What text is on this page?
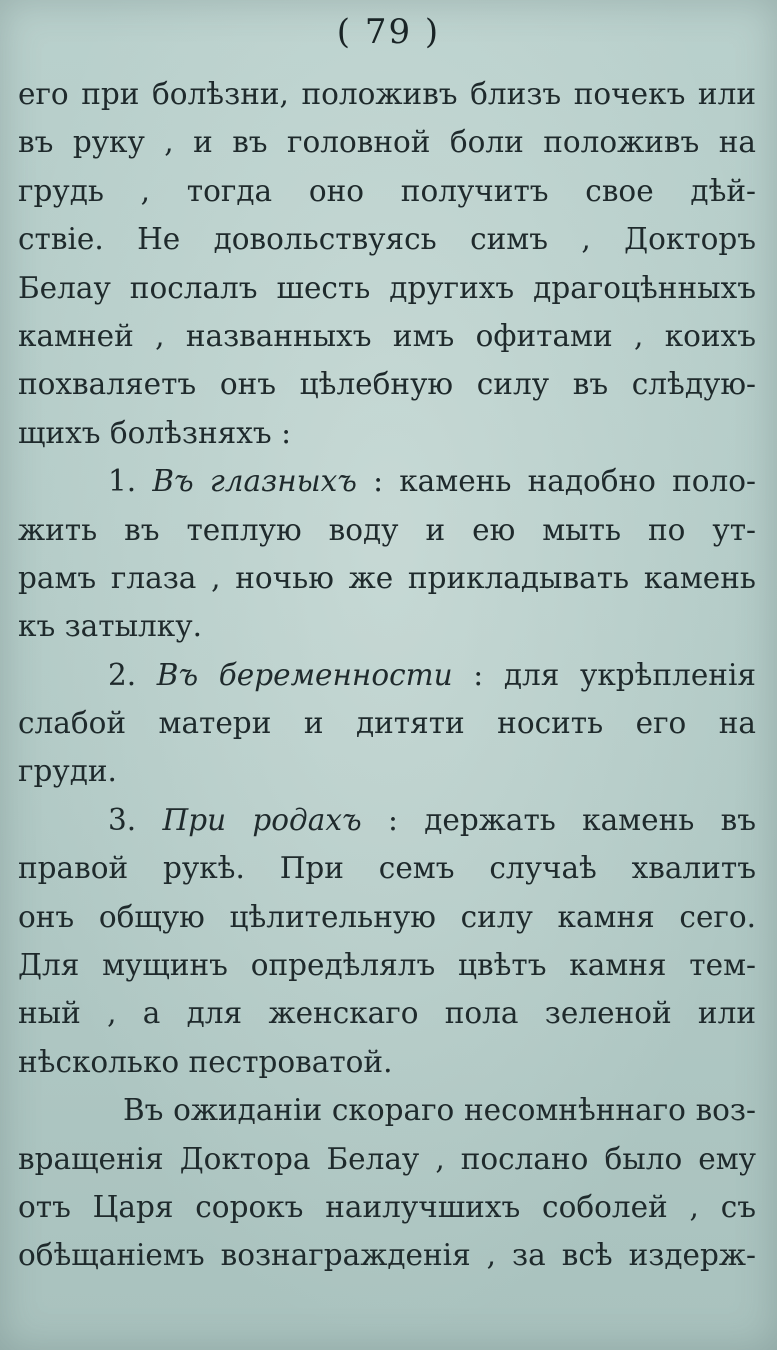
( 79 )
его при болѣзни, положивъ близъ почекъ или
въ руку , и въ головной боли положивъ на
грудь , тогда оно получитъ свое дѣй-
ствіе. Не довольствуясь симъ , Докторъ
Белау послалъ шесть другихъ драгоцѣнныхъ
камней , названныхъ имъ офитами , коихъ
похваляетъ онъ цѣлебную силу въ слѣдую-
щихъ болѣзняхъ :
1. Въ глазныхъ : камень надобно поло-
жить въ теплую воду и ею мыть по ут-
рамъ глаза , ночью же прикладывать камень
къ затылку.
2. Въ беременности : для укрѣпленія
слабой матери и дитяти носить его на
груди.
3. При родахъ : держать камень въ
правой рукѣ. При семъ случаѣ хвалитъ
онъ общую цѣлительную силу камня сего.
Для мущинъ опредѣлялъ цвѣтъ камня тем-
ный , а для женскаго пола зеленой или
нѣсколько пестроватой.
Въ ожиданіи скораго несомнѣннаго воз-
вращенія Доктора Белау , послано было ему
отъ Царя сорокъ наилучшихъ соболей , съ
обѣщаніемъ вознагражденія , за всѣ издерж-
